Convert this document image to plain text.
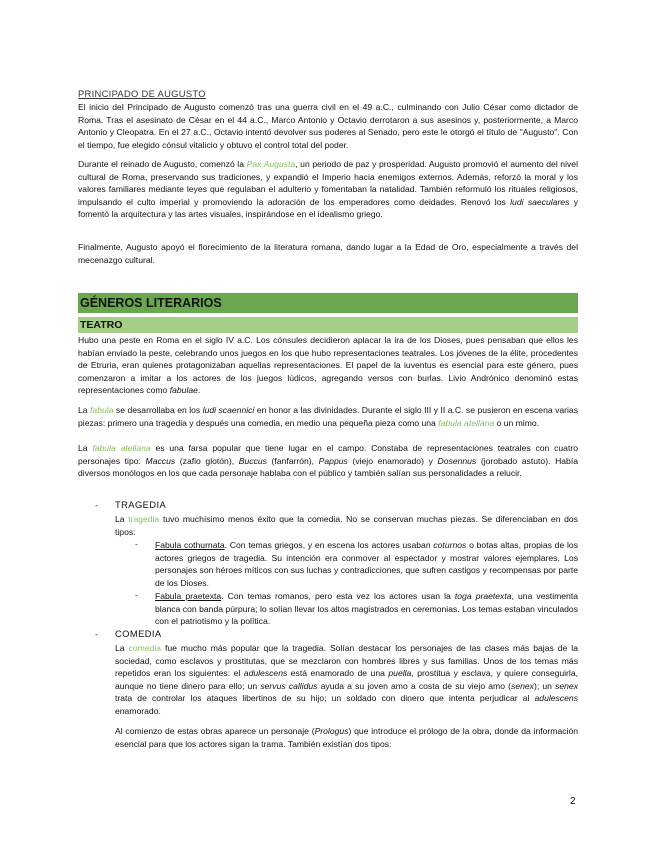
PRINCIPADO DE AUGUSTO

El inicio del Principado de Augusto comenzó tras una guerra civil en el 49 a.C., culminando con Julio César como dictador de Roma. Tras el asesinato de César en el 44 a.C., Marco Antonio y Octavio derrotaron a sus asesinos y, posteriormente, a Marco Antonio y Cleopatra. En el 27 a.C., Octavio intentó devolver sus poderes al Senado, pero este le otorgó el título de "Augusto". Con el tiempo, fue elegido cónsul vitalicio y obtuvo el control total del poder.

Durante el reinado de Augusto, comenzó la Pax Augusta, un periodo de paz y prosperidad. Augusto promovió el aumento del nivel cultural de Roma, preservando sus tradiciones, y expandió el Imperio hacia enemigos externos. Además, reforzó la moral y los valores familiares mediante leyes que regulaban el adulterio y fomentaban la natalidad. También reformuló los rituales religiosos, impulsando el culto imperial y promoviendo la adoración de los emperadores como deidades. Renovó los ludi saeculares y fomentó la arquitectura y las artes visuales, inspirándose en el idealismo griego.

Finalmente, Augusto apoyó el florecimiento de la literatura romana, dando lugar a la Edad de Oro, especialmente a través del mecenazgo cultural.

GÉNEROS LITERARIOS
TEATRO

Hubo una peste en Roma en el siglo IV a.C. Los cónsules decidieron aplacar la ira de los Dioses, pues pensaban que ellos les habían enviado la peste, celebrando unos juegos en los que hubo representaciones teatrales. Los jóvenes de la élite, procedentes de Etruria, eran quienes protagonizaban aquellas representaciones. El papel de la iuventus es esencial para este género, pues comenzaron a imitar a los actores de los juegos lúdicos, agregando versos con burlas. Livio Andrónico denominó estas representaciones como fabulae.

La fabula se desarrollaba en los ludi scaennici en honor a las divinidades. Durante el siglo III y II a.C. se pusieron en escena varias piezas: primero una tragedia y después una comedia, en medio una pequeña pieza como una fabula atellana o un mimo.

La fabula atellana es una farsa popular que tiene lugar en el campo. Constaba de representaciones teatrales con cuatro personajes tipo: Maccus (zafio glotón), Buccus (fanfarrón), Pappus (viejo enamorado) y Dosennus (jorobado astuto). Había diversos monólogos en los que cada personaje hablaba con el público y también salían sus personalidades a relucir.

- TRAGEDIA

La tragedia tuvo muchísimo menos éxito que la comedia. No se conservan muchas piezas. Se diferenciaban en dos tipos:

- Fabula cothurnata. Con temas griegos, y en escena los actores usaban coturnos o botas altas, propias de los actores griegos de tragedia. Su intención era conmover al espectador y mostrar valores ejemplares. Los personajes son héroes míticos con sus luchas y contradicciones, que sufren castigos y recompensas por parte de los Dioses.

- Fabula praetexta. Con temas romanos, pero esta vez los actores usan la toga praetexta, una vestimenta blanca con banda púrpura; lo solían llevar los altos magistrados en ceremonias. Los temas estaban vinculados con el patriotismo y la política.

- COMEDIA

La comedia fue mucho más popular que la tragedia. Solían destacar los personajes de las clases más bajas de la sociedad, como esclavos y prostitutas, que se mezclaron con hombres libres y sus familias. Unos de los temas más repetidos eran los siguientes: el adulescens está enamorado de una puella, prostitua y esclava, y quiere conseguirla, aunque no tiene dinero para ello; un servus callidus ayuda a su joven amo a costa de su viejo amo (senex); un senex trata de controlar los ataques libertinos de su hijo; un soldado con dinero que intenta perjudicar al adulescens enamorado.

Al comienzo de estas obras aparece un personaje (Prologus) que introduce el prólogo de la obra, donde da información esencial para que los actores sigan la trama. También existían dos tipos:

2
